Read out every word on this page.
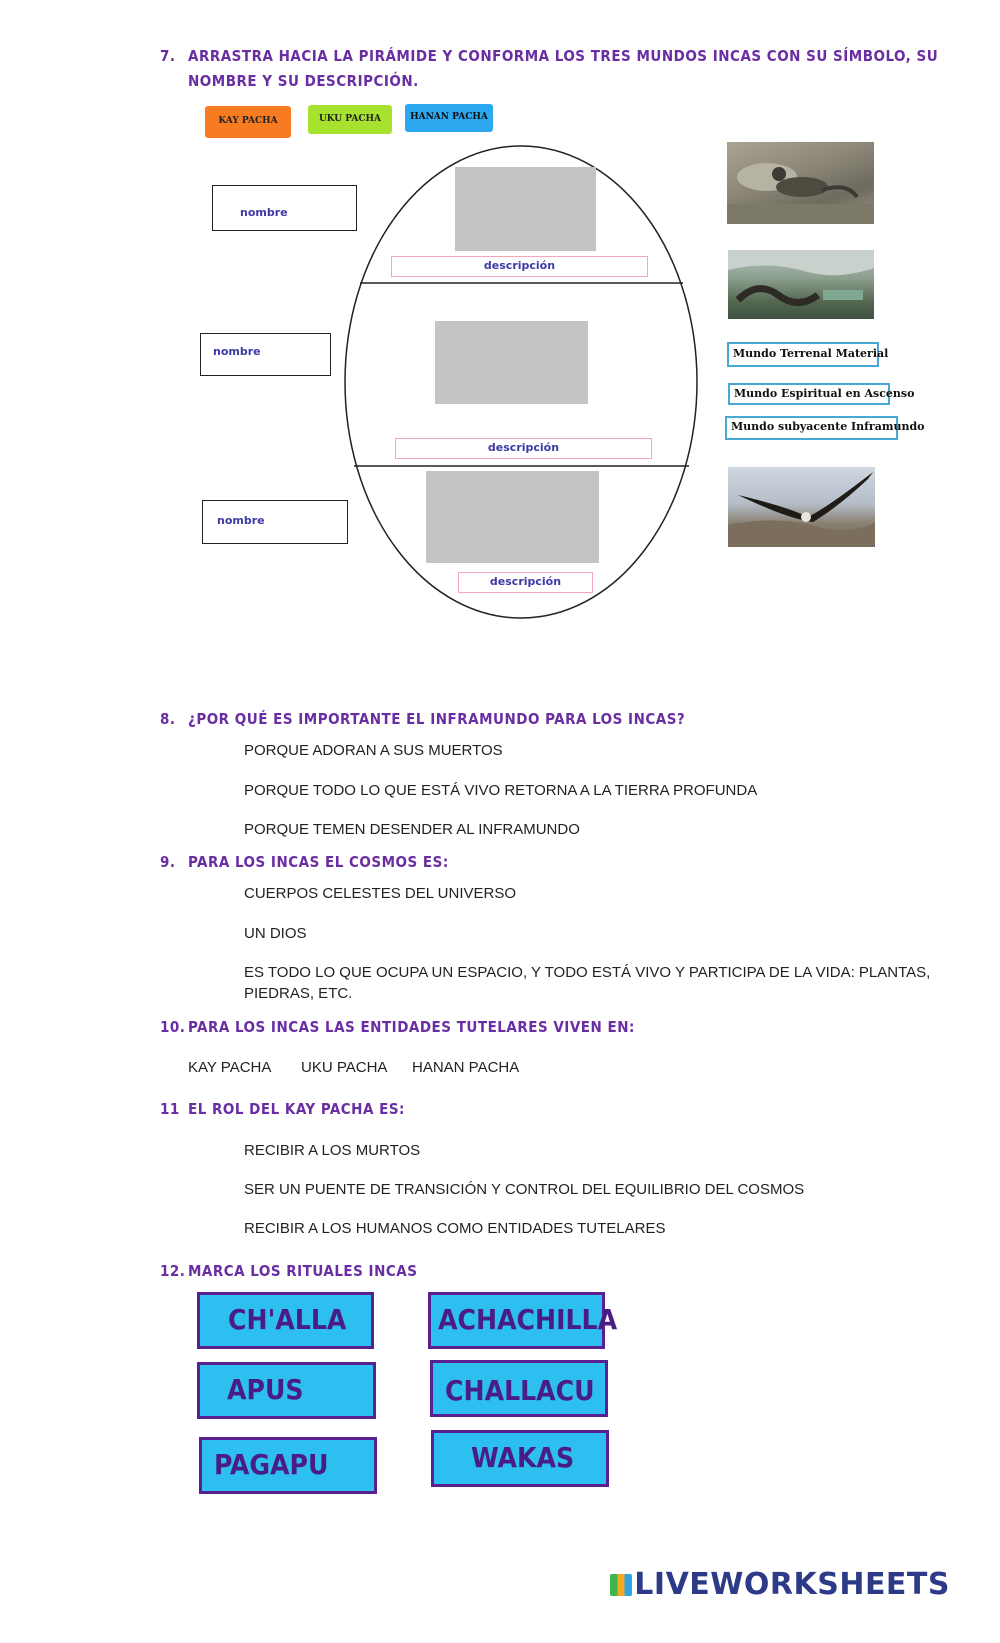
7. ARRASTRA HACIA LA PIRÁMIDE Y CONFORMA LOS TRES MUNDOS INCAS CON SU SÍMBOLO, SU
NOMBRE Y SU DESCRIPCIÓN.
KAY PACHA	UKU PACHA	HANAN PACHA
descripción
descripción
descripción
nombre
nombre
nombre
Mundo Terrenal Material
Mundo Espiritual en Ascenso
Mundo subyacente Inframundo
8. ¿POR QUÉ ES IMPORTANTE EL INFRAMUNDO PARA LOS INCAS?
PORQUE ADORAN A SUS MUERTOS
PORQUE TODO LO QUE ESTÁ VIVO RETORNA A LA TIERRA PROFUNDA
PORQUE TEMEN DESENDER AL INFRAMUNDO
9. PARA LOS INCAS EL COSMOS ES:
CUERPOS CELESTES DEL UNIVERSO
UN DIOS
ES TODO LO QUE OCUPA UN ESPACIO, Y TODO ESTÁ VIVO Y PARTICIPA DE LA VIDA: PLANTAS,
PIEDRAS, ETC.
10. PARA LOS INCAS LAS ENTIDADES TUTELARES VIVEN EN:
KAY PACHA UKU PACHA HANAN PACHA
11 EL ROL DEL KAY PACHA ES:
RECIBIR A LOS MURTOS
SER UN PUENTE DE TRANSICIÓN Y CONTROL DEL EQUILIBRIO DEL COSMOS
RECIBIR A LOS HUMANOS COMO ENTIDADES TUTELARES
12. MARCA LOS RITUALES INCAS
CH'ALLA	ACHACHILLA
APUS	CHALLACU
PAGAPU	WAKAS
LIVEWORKSHEETS
